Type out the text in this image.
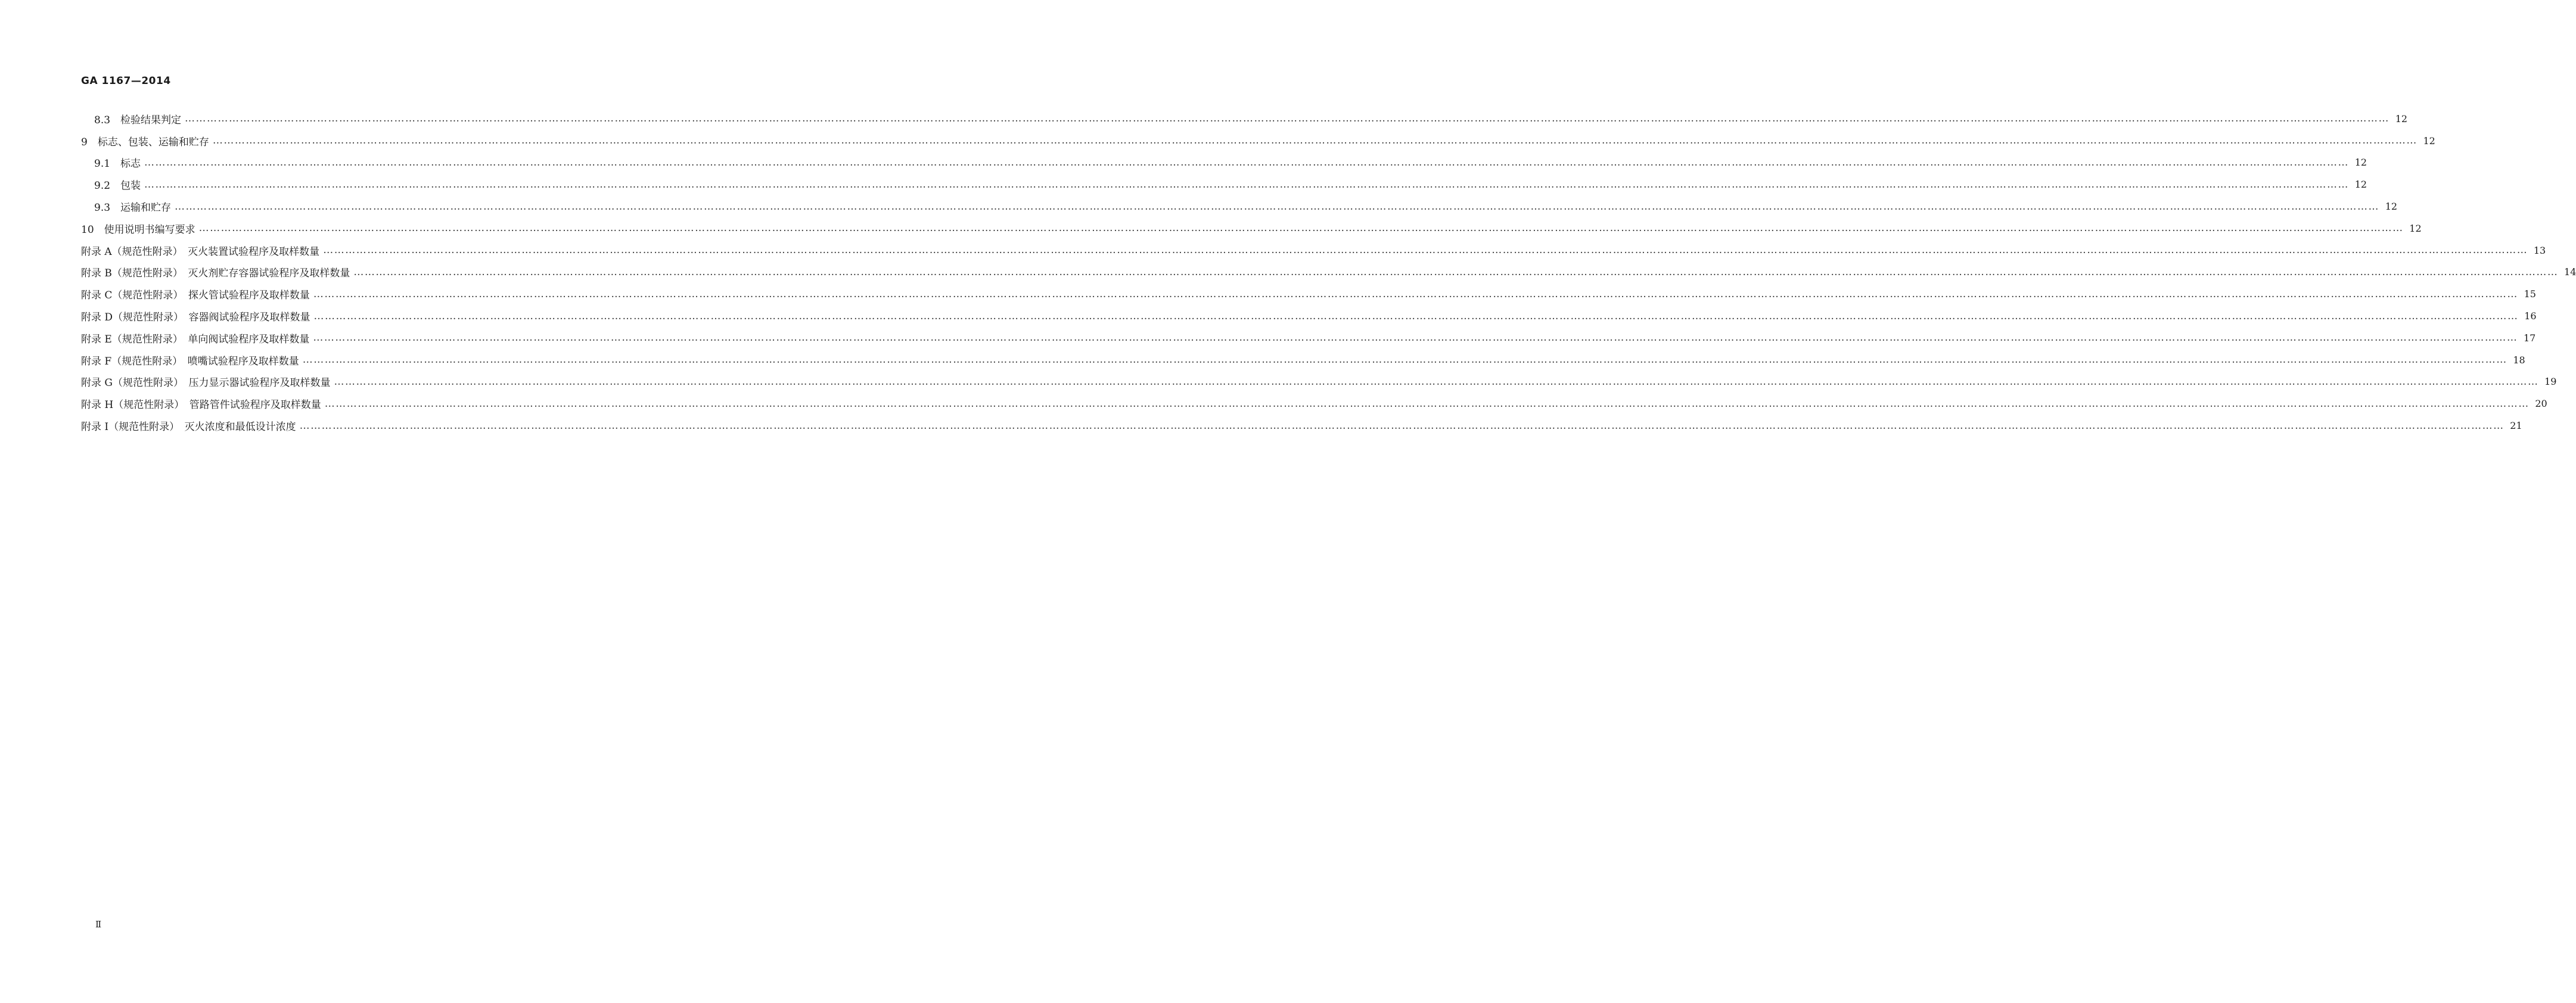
GA 1167—2014
8.3　检验结果判定 …………………………………………………………………………………………………………………………………………………………………………………………………………………………………………………………………………………………………………………………………………………………………………………………………………………………………………………………………………………………………………………………………………………… 12
9　标志、包装、运输和贮存 …………………………………………………………………………………………………………………………………………………………………………………………………………………………………………………………………………………………………………………………………………………………………………………………………………………………………………………………………………………………………………………………………………………… 12
9.1　标志 …………………………………………………………………………………………………………………………………………………………………………………………………………………………………………………………………………………………………………………………………………………………………………………………………………………………………………………………………………………………………………………………………………………… 12
9.2　包装 …………………………………………………………………………………………………………………………………………………………………………………………………………………………………………………………………………………………………………………………………………………………………………………………………………………………………………………………………………………………………………………………………………………… 12
9.3　运输和贮存 …………………………………………………………………………………………………………………………………………………………………………………………………………………………………………………………………………………………………………………………………………………………………………………………………………………………………………………………………………………………………………………………………………………… 12
10　使用说明书编写要求 …………………………………………………………………………………………………………………………………………………………………………………………………………………………………………………………………………………………………………………………………………………………………………………………………………………………………………………………………………………………………………………………………………………… 12
附录 A（规范性附录）　灭火装置试验程序及取样数量 …………………………………………………………………………………………………………………………………………………………………………………………………………………………………………………………………………………………………………………………………………………………………………………………………………………………………………………………………………………………………………………………………………………… 13
附录 B（规范性附录）　灭火剂贮存容器试验程序及取样数量 …………………………………………………………………………………………………………………………………………………………………………………………………………………………………………………………………………………………………………………………………………………………………………………………………………………………………………………………………………………………………………………………………………………… 14
附录 C（规范性附录）　探火管试验程序及取样数量 …………………………………………………………………………………………………………………………………………………………………………………………………………………………………………………………………………………………………………………………………………………………………………………………………………………………………………………………………………………………………………………………………………………… 15
附录 D（规范性附录）　容器阀试验程序及取样数量 …………………………………………………………………………………………………………………………………………………………………………………………………………………………………………………………………………………………………………………………………………………………………………………………………………………………………………………………………………………………………………………………………………………… 16
附录 E（规范性附录）　单向阀试验程序及取样数量 …………………………………………………………………………………………………………………………………………………………………………………………………………………………………………………………………………………………………………………………………………………………………………………………………………………………………………………………………………………………………………………………………………………… 17
附录 F（规范性附录）　喷嘴试验程序及取样数量 …………………………………………………………………………………………………………………………………………………………………………………………………………………………………………………………………………………………………………………………………………………………………………………………………………………………………………………………………………………………………………………………………………………… 18
附录 G（规范性附录）　压力显示器试验程序及取样数量 …………………………………………………………………………………………………………………………………………………………………………………………………………………………………………………………………………………………………………………………………………………………………………………………………………………………………………………………………………………………………………………………………………………… 19
附录 H（规范性附录）　管路管件试验程序及取样数量 …………………………………………………………………………………………………………………………………………………………………………………………………………………………………………………………………………………………………………………………………………………………………………………………………………………………………………………………………………………………………………………………………………………… 20
附录 I（规范性附录）　灭火浓度和最低设计浓度 …………………………………………………………………………………………………………………………………………………………………………………………………………………………………………………………………………………………………………………………………………………………………………………………………………………………………………………………………………………………………………………………………………………… 21
Ⅱ
